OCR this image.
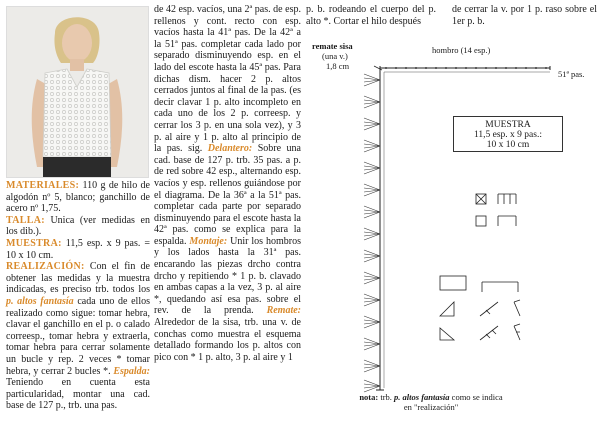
MATERIALES: 110 g de hilo de algodón nº 5, blanco; ganchillo de acero nº 1,75.

TALLA: Unica (ver medidas en los dib.).

MUESTRA: 11,5 esp. x 9 pas. = 10 x 10 cm.

REALIZACIÓN: Con el fin de obtener las medidas y la muestra indicadas, es preciso trb. todos los p. altos fantasía cada uno de ellos realizado como sigue: tomar hebra, clavar el ganchillo en el p. o calado correesp., tomar hebra y extraerla, tomar hebra para cerrar solamente un bucle y rep. 2 veces * tomar hebra, y cerrar 2 bucles *. Espalda: Teniendo en cuenta esta particularidad, montar una cad. base de 127 p., trb. una pas.

de 42 esp. vacíos, una 2ª pas. de esp. rellenos y cont. recto con esp. vacíos hasta la 41ª pas. De la 42ª a la 51ª pas. completar cada lado por separado disminuyendo esp. en el lado del escote hasta la 45ª pas. Para dichas dism. hacer 2 p. altos cerrados juntos al final de la pas. (es decir clavar 1 p. alto incompleto en cada uno de los 2 p. correesp. y cerrar los 3 p. en una sola vez), y 3 p. al aire y 1 p. alto al principio de la pas. sig. Delantero: Sobre una cad. base de 127 p. trb. 35 pas. a p. de red sobre 42 esp., alternando esp. vacíos y esp. rellenos guiándose por el diagrama. De la 36ª a la 51ª pas. completar cada parte por separado disminuyendo para el escote hasta la 42ª pas. como se explica para la espalda. Montaje: Unir los hombros y los lados hasta la 31ª pas. encarando las piezas drcho contra drcho y repitiendo * 1 p. b. clavado en ambas capas a la vez, 3 p. al aire *, quedando así esa pas. sobre el rev. de la prenda. Remate: Alrededor de la sisa, trb. una v. de conchas como muestra el esquema detallado formando los p. altos con pico con * 1 p. alto, 3 p. al aire y 1

p. b. rodeando el cuerpo del p. alto *. Cortar el hilo después

de cerrar la v. por 1 p. raso sobre el 1er p. b.

remate sisa
(una v.)
1,8 cm
hombro (14 esp.)
51ª pas.
MUESTRA
11,5 esp. x 9 pas.:
10 x 10 cm
nota: trb. p. altos fantasía como se indica en "realización"
